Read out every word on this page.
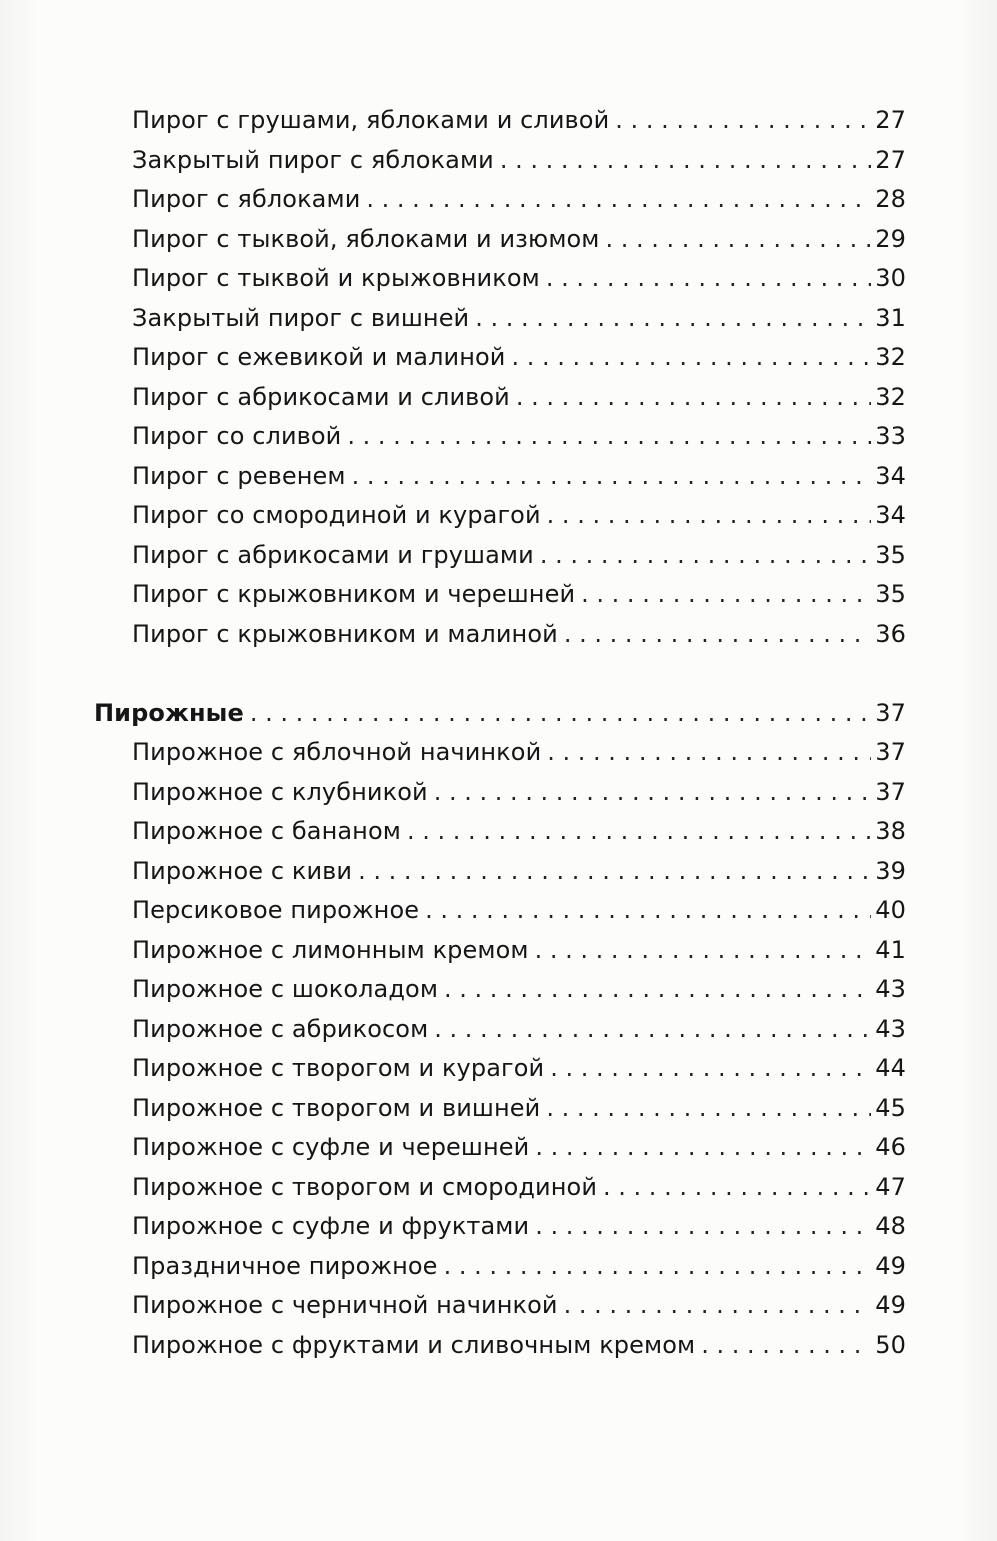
Пирог с грушами, яблоками и сливой . . .	27
Закрытый пирог с яблоками . . .	27
Пирог с яблоками . . .	28
Пирог с тыквой, яблоками и изюмом . . .	29
Пирог с тыквой и крыжовником . . .	30
Закрытый пирог с вишней . . .	31
Пирог с ежевикой и малиной . . .	32
Пирог с абрикосами и сливой . . .	32
Пирог со сливой . . .	33
Пирог с ревенем . . .	34
Пирог со смородиной и курагой . . .	34
Пирог с абрикосами и грушами . . .	35
Пирог с крыжовником и черешней . . .	35
Пирог с крыжовником и малиной . . .	36
Пирожные . . .	37
Пирожное с яблочной начинкой . . .	37
Пирожное с клубникой . . .	37
Пирожное с бананом . . .	38
Пирожное с киви . . .	39
Персиковое пирожное . . .	40
Пирожное с лимонным кремом . . .	41
Пирожное с шоколадом . . .	43
Пирожное с абрикосом . . .	43
Пирожное с творогом и курагой . . .	44
Пирожное с творогом и вишней . . .	45
Пирожное с суфле и черешней . . .	46
Пирожное с творогом и смородиной . . .	47
Пирожное с суфле и фруктами . . .	48
Праздничное пирожное . . .	49
Пирожное с черничной начинкой . . .	49
Пирожное с фруктами и сливочным кремом . . .	50
